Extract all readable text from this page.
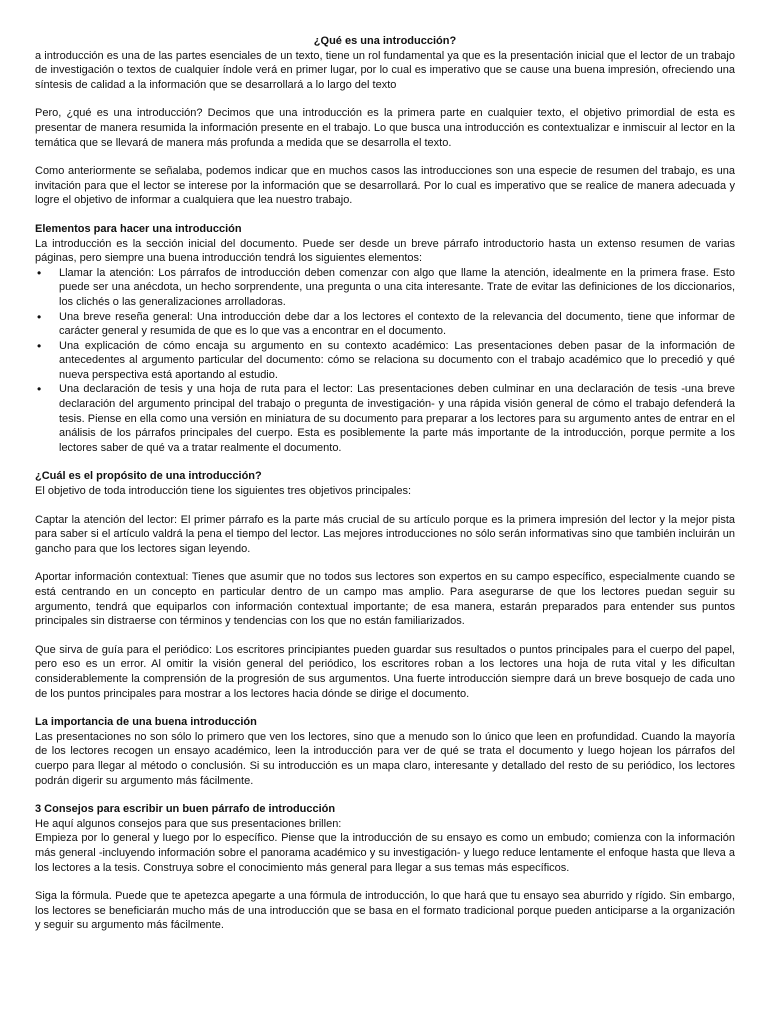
¿Qué es una introducción?

a introducción es una de las partes esenciales de un texto, tiene un rol fundamental ya que es la presentación inicial que el lector de un trabajo de investigación o textos de cualquier índole verá en primer lugar, por lo cual es imperativo que se cause una buena impresión, ofreciendo una síntesis de calidad a la información que se desarrollará a lo largo del texto

Pero, ¿qué es una introducción? Decimos que una introducción es la primera parte en cualquier texto, el objetivo primordial de esta es presentar de manera resumida la información presente en el trabajo. Lo que busca una introducción es contextualizar e inmiscuir al lector en la temática que se llevará de manera más profunda a medida que se desarrolla el texto.

Como anteriormente se señalaba, podemos indicar que en muchos casos las introducciones son una especie de resumen del trabajo, es una invitación para que el lector se interese por la información que se desarrollará. Por lo cual es imperativo que se realice de manera adecuada y logre el objetivo de informar a cualquiera que lea nuestro trabajo.

Elementos para hacer una introducción

La introducción es la sección inicial del documento. Puede ser desde un breve párrafo introductorio hasta un extenso resumen de varias páginas, pero siempre una buena introducción tendrá los siguientes elementos:

• Llamar la atención: Los párrafos de introducción deben comenzar con algo que llame la atención, idealmente en la primera frase. Esto puede ser una anécdota, un hecho sorprendente, una pregunta o una cita interesante. Trate de evitar las definiciones de los diccionarios, los clichés o las generalizaciones arrolladoras.
• Una breve reseña general: Una introducción debe dar a los lectores el contexto de la relevancia del documento, tiene que informar de carácter general y resumida de que es lo que vas a encontrar en el documento.
• Una explicación de cómo encaja su argumento en su contexto académico: Las presentaciones deben pasar de la información de antecedentes al argumento particular del documento: cómo se relaciona su documento con el trabajo académico que lo precedió y qué nueva perspectiva está aportando al estudio.
• Una declaración de tesis y una hoja de ruta para el lector: Las presentaciones deben culminar en una declaración de tesis -una breve declaración del argumento principal del trabajo o pregunta de investigación- y una rápida visión general de cómo el trabajo defenderá la tesis. Piense en ella como una versión en miniatura de su documento para preparar a los lectores para su argumento antes de entrar en el análisis de los párrafos principales del cuerpo. Esta es posiblemente la parte más importante de la introducción, porque permite a los lectores saber de qué va a tratar realmente el documento.

¿Cuál es el propósito de una introducción?

El objetivo de toda introducción tiene los siguientes tres objetivos principales:

Captar la atención del lector: El primer párrafo es la parte más crucial de su artículo porque es la primera impresión del lector y la mejor pista para saber si el artículo valdrá la pena el tiempo del lector. Las mejores introducciones no sólo serán informativas sino que también incluirán un gancho para que los lectores sigan leyendo.

Aportar información contextual: Tienes que asumir que no todos sus lectores son expertos en su campo específico, especialmente cuando se está centrando en un concepto en particular dentro de un campo mas amplio. Para asegurarse de que los lectores puedan seguir su argumento, tendrá que equiparlos con información contextual importante; de esa manera, estarán preparados para entender sus puntos principales sin distraerse con términos y tendencias con los que no están familiarizados.

Que sirva de guía para el periódico: Los escritores principiantes pueden guardar sus resultados o puntos principales para el cuerpo del papel, pero eso es un error. Al omitir la visión general del periódico, los escritores roban a los lectores una hoja de ruta vital y les dificultan considerablemente la comprensión de la progresión de sus argumentos. Una fuerte introducción siempre dará un breve bosquejo de cada uno de los puntos principales para mostrar a los lectores hacia dónde se dirige el documento.

La importancia de una buena introducción

Las presentaciones no son sólo lo primero que ven los lectores, sino que a menudo son lo único que leen en profundidad. Cuando la mayoría de los lectores recogen un ensayo académico, leen la introducción para ver de qué se trata el documento y luego hojean los párrafos del cuerpo para llegar al método o conclusión. Si su introducción es un mapa claro, interesante y detallado del resto de su periódico, los lectores podrán digerir su argumento más fácilmente.

3 Consejos para escribir un buen párrafo de introducción

He aquí algunos consejos para que sus presentaciones brillen:

Empieza por lo general y luego por lo específico. Piense que la introducción de su ensayo es como un embudo; comienza con la información más general -incluyendo información sobre el panorama académico y su investigación- y luego reduce lentamente el enfoque hasta que lleva a los lectores a la tesis. Construya sobre el conocimiento más general para llegar a sus temas más específicos.

Siga la fórmula. Puede que te apetezca apegarte a una fórmula de introducción, lo que hará que tu ensayo sea aburrido y rígido. Sin embargo, los lectores se beneficiarán mucho más de una introducción que se basa en el formato tradicional porque pueden anticiparse a la organización y seguir su argumento más fácilmente.
